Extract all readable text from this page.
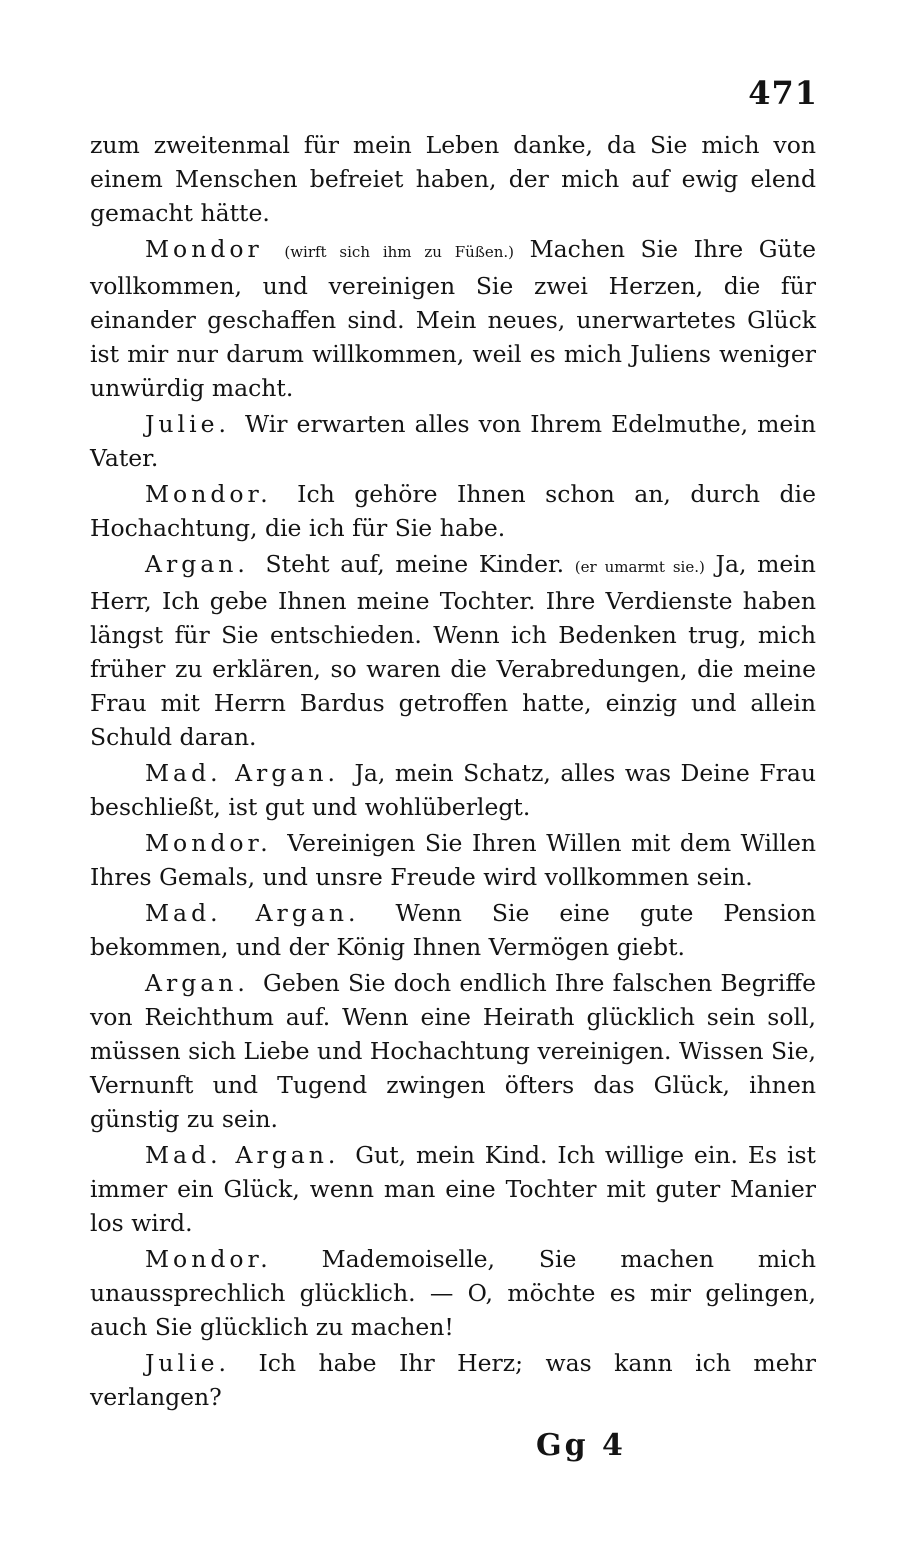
471

zum zweitenmal für mein Leben danke, da Sie mich von einem Menschen befreiet haben, der mich auf ewig elend gemacht hätte.

Mondor (wirft sich ihm zu Füßen.) Machen Sie Ihre Güte vollkommen, und vereinigen Sie zwei Herzen, die für einander geschaffen sind. Mein neues, unerwartetes Glück ist mir nur darum willkommen, weil es mich Juliens weniger unwürdig macht.

Julie. Wir erwarten alles von Ihrem Edelmuthe, mein Vater.

Mondor. Ich gehöre Ihnen schon an, durch die Hochachtung, die ich für Sie habe.

Argan. Steht auf, meine Kinder. (er umarmt sie.) Ja, mein Herr, Ich gebe Ihnen meine Tochter. Ihre Verdienste haben längst für Sie entschieden. Wenn ich Bedenken trug, mich früher zu erklären, so waren die Verabredungen, die meine Frau mit Herrn Bardus getroffen hatte, einzig und allein Schuld daran.

Mad. Argan. Ja, mein Schatz, alles was Deine Frau beschließt, ist gut und wohlüberlegt.

Mondor. Vereinigen Sie Ihren Willen mit dem Willen Ihres Gemals, und unsre Freude wird vollkommen sein.

Mad. Argan. Wenn Sie eine gute Pension bekommen, und der König Ihnen Vermögen giebt.

Argan. Geben Sie doch endlich Ihre falschen Begriffe von Reichthum auf. Wenn eine Heirath glücklich sein soll, müssen sich Liebe und Hochachtung vereinigen. Wissen Sie, Vernunft und Tugend zwingen öfters das Glück, ihnen günstig zu sein.

Mad. Argan. Gut, mein Kind. Ich willige ein. Es ist immer ein Glück, wenn man eine Tochter mit guter Manier los wird.

Mondor. Mademoiselle, Sie machen mich unaussprechlich glücklich. — O, möchte es mir gelingen, auch Sie glücklich zu machen!

Julie. Ich habe Ihr Herz; was kann ich mehr verlangen?

Gg 4
